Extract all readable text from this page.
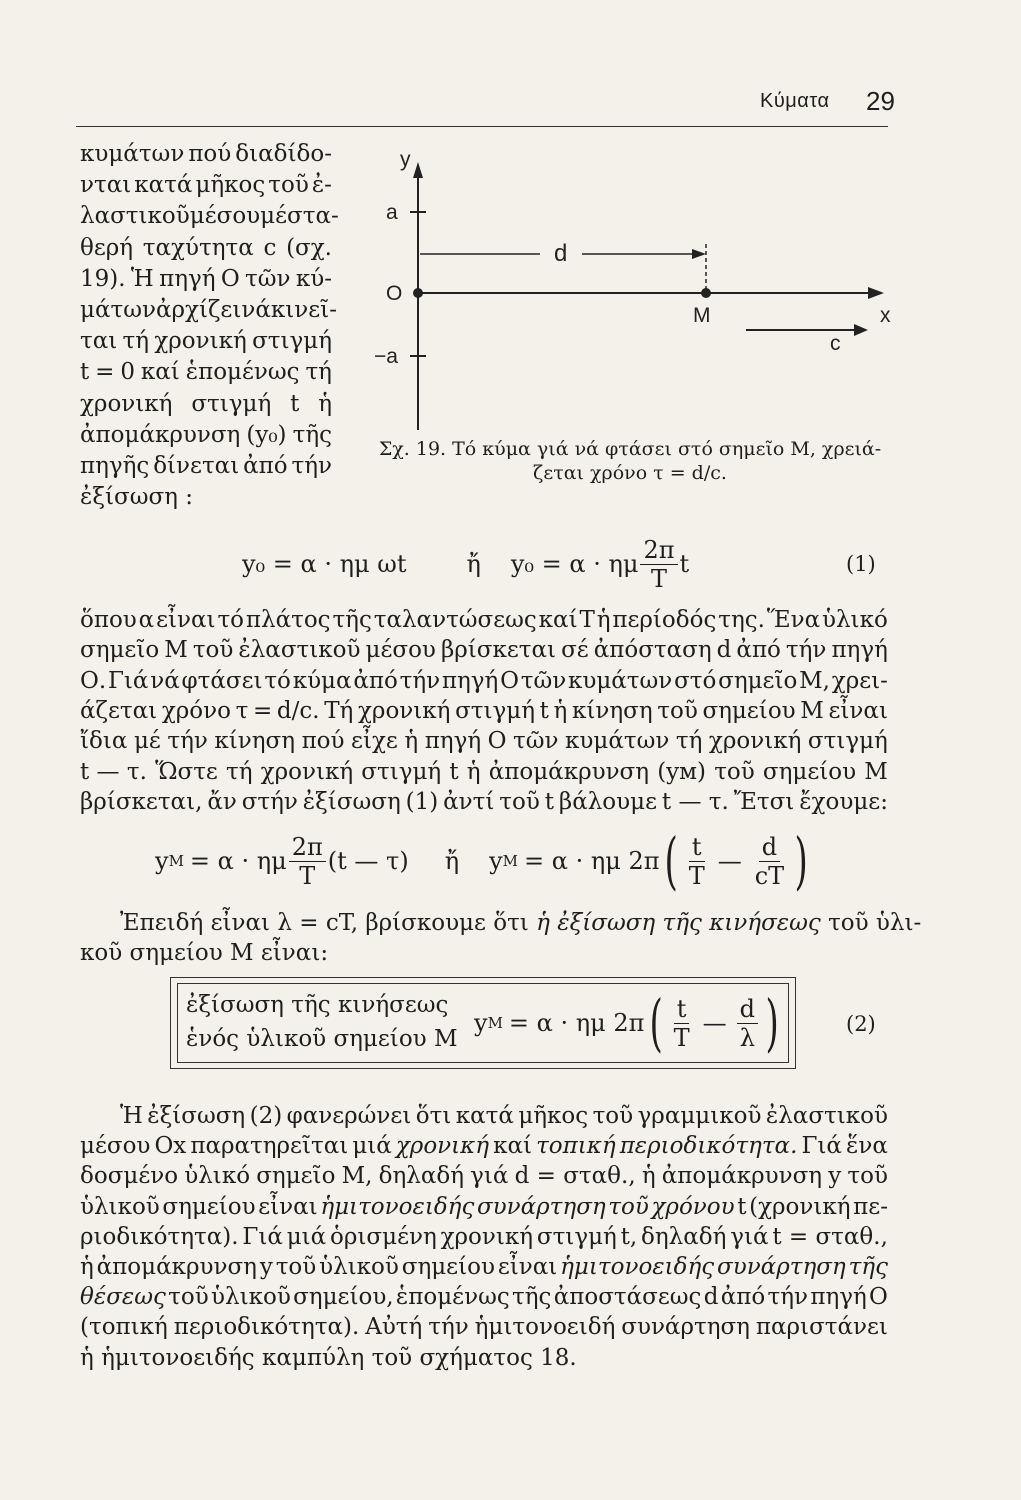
Κύματα 29
κυμάτων πού διαδίδο-
νται κατά μῆκος τοῦ ἐ-
λαστικοῦ μέσου μέ στα-
θερή ταχύτητα c (σχ.
19). Ἡ πηγή Ο τῶν κύ-
μάτων ἀρχίζει νά κινεῖ-
ται τή χρονική στιγμή
t = 0 καί ἑπομένως τή
χρονική στιγμή t ἡ
ἀπομάκρυνση (y₀) τῆς
πηγῆς δίνεται ἀπό τήν
ἐξίσωση :
y
x
a
−a
O
M
d
c
Σχ. 19. Τό κύμα γιά νά φτάσει στό σημεῖο Μ, χρειά-
ζεται χρόνο τ = d/c.
y₀ = α · ημ ωt	ἤ y₀ = α · ημ $\frac{2\pi}{T}$ t	(1)
ὅπου α εἶναι τό πλάτος τῆς ταλαντώσεως καί T ἡ περίοδός της. Ἕνα ὑλικό
σημεῖο Μ τοῦ ἐλαστικοῦ μέσου βρίσκεται σέ ἀπόσταση d ἀπό τήν πηγή
Ο. Γιά νά φτάσει τό κύμα ἀπό τήν πηγή Ο τῶν κυμάτων στό σημεῖο Μ, χρει-
άζεται χρόνο τ = d/c. Τή χρονική στιγμή t ἡ κίνηση τοῦ σημείου Μ εἶναι
ἴδια μέ τήν κίνηση πού εἶχε ἡ πηγή Ο τῶν κυμάτων τή χρονική στιγμή
t — τ. Ὥστε τή χρονική στιγμή t ἡ ἀπομάκρυνση (yᴍ) τοῦ σημείου Μ
βρίσκεται, ἄν στήν ἐξίσωση (1) ἀντί τοῦ t βάλουμε t — τ. Ἔτσι ἔχουμε:
y M = α · ημ $\frac{2\pi}{T} (t$ — τ) ἤ y M = α · ημ 2π ( $\frac{t}{T}$ — $\frac{d}{cT}$ )
Ἐπειδή εἶναι λ = cT, βρίσκουμε ὅτι ἡ ἐξίσωση τῆς κινήσεως τοῦ ὑλι-
κοῦ σημείου Μ εἶναι:
ἐξίσωση τῆς κινήσεως
ἑνός ὑλικοῦ σημείου Μ
y M = α · ημ 2π ( $\frac{t}{T}$ — $\frac{d}{\lambda}$ )	(2)
Ἡ ἐξίσωση (2) φανερώνει ὅτι κατά μῆκος τοῦ γραμμικοῦ ἐλαστικοῦ
μέσου Οx παρατηρεῖται μιά χρονική καί τοπική περιοδικότητα. Γιά ἕνα
δοσμένο ὑλικό σημεῖο Μ, δηλαδή γιά d = σταθ., ἡ ἀπομάκρυνση y τοῦ
ὑλικοῦ σημείου εἶναι ἡμιτονοειδής συνάρτηση τοῦ χρόνου t (χρονική πε-
ριοδικότητα). Γιά μιά ὁρισμένη χρονική στιγμή t, δηλαδή γιά t = σταθ.,
ἡ ἀπομάκρυνση y τοῦ ὑλικοῦ σημείου εἶναι ἡμιτονοειδής συνάρτηση τῆς
θέσεως τοῦ ὑλικοῦ σημείου, ἑπομένως τῆς ἀποστάσεως d ἀπό τήν πηγή Ο
(τοπική περιοδικότητα). Αὐτή τήν ἡμιτονοειδή συνάρτηση παριστάνει
ἡ ἡμιτονοειδής καμπύλη τοῦ σχήματος 18.
